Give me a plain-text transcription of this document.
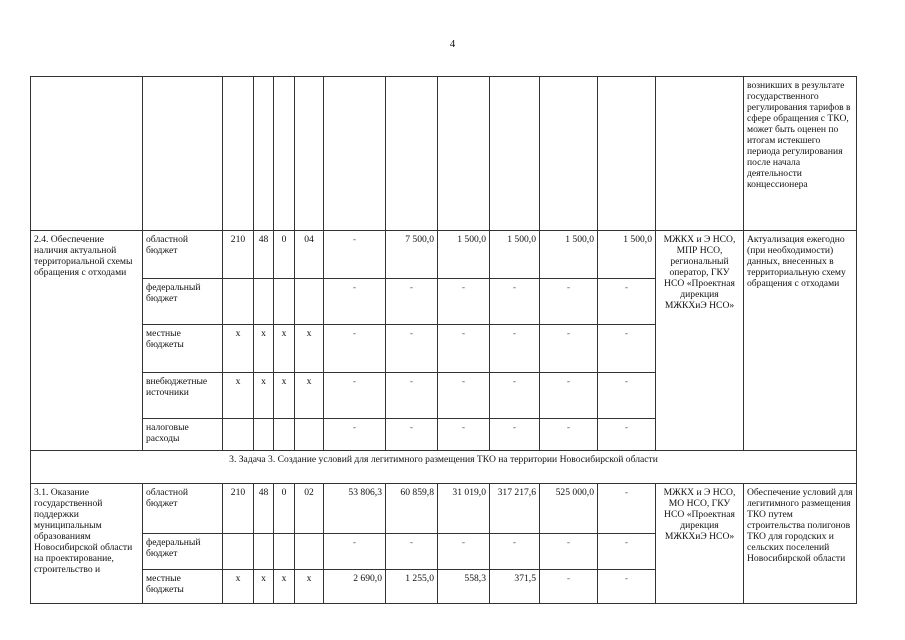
4
													возникших в результате государственного регулирования тарифов в сфере обращения с ТКО, может быть оценен по итогам истекшего периода регулирования после начала деятельности концессионера
2.4. Обеспечение наличия актуальной территориальной схемы обращения с отходами	областной бюджет	210	48	0	04	-	7 500,0	1 500,0	1 500,0	1 500,0	1 500,0	МЖКХ и Э НСО, МПР НСО, региональный оператор, ГКУ НСО «Проектная дирекция МЖКХиЭ НСО»	Актуализация ежегодно (при необходимости) данных, внесенных в территориальную схему обращения с отходами
	федеральный бюджет					-	-	-	-	-	-		
	местные бюджеты	х	х	х	х	-	-	-	-	-	-		
	внебюджетные источники	х	х	х	х	-	-	-	-	-	-		
	налоговые расходы					-	-	-	-	-	-		
3. Задача 3. Создание условий для легитимного размещения ТКО на территории Новосибирской области													
3.1. Оказание государственной поддержки муниципальным образованиям Новосибирской области на проектирование, строительство и	областной бюджет	210	48	0	02	53 806,3	60 859,8	31 019,0	317 217,6	525 000,0	-	МЖКХ и Э НСО, МО НСО, ГКУ НСО «Проектная дирекция МЖКХиЭ НСО»	Обеспечение условий для легитимного размещения ТКО путем строительства полигонов ТКО для городских и сельских поселений Новосибирской области
	федеральный бюджет					-	-	-	-	-	-		
	местные бюджеты	х	х	х	х	2 690,0	1 255,0	558,3	371,5	-	-		
